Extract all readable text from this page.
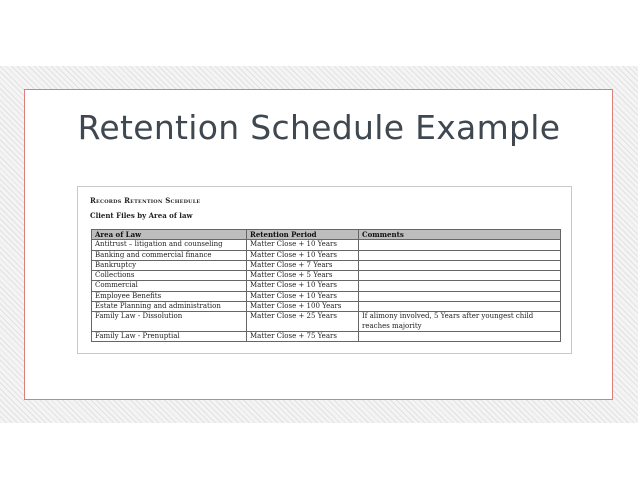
Retention Schedule Example
Records Retention Schedule
Client Files by Area of law
Area of Law	Retention Period	Comments
Antitrust – litigation and counseling	Matter Close + 10 Years	
Banking and commercial finance	Matter Close + 10 Years	
Bankruptcy	Matter Close + 7 Years	
Collections	Matter Close + 5 Years	
Commercial	Matter Close + 10 Years	
Employee Benefits	Matter Close + 10 Years	
Estate Planning and administration	Matter Close + 100 Years	
Family Law - Dissolution	Matter Close + 25 Years	If alimony involved, 5 Years after youngest child reaches majority
Family Law - Prenuptial	Matter Close + 75 Years	
